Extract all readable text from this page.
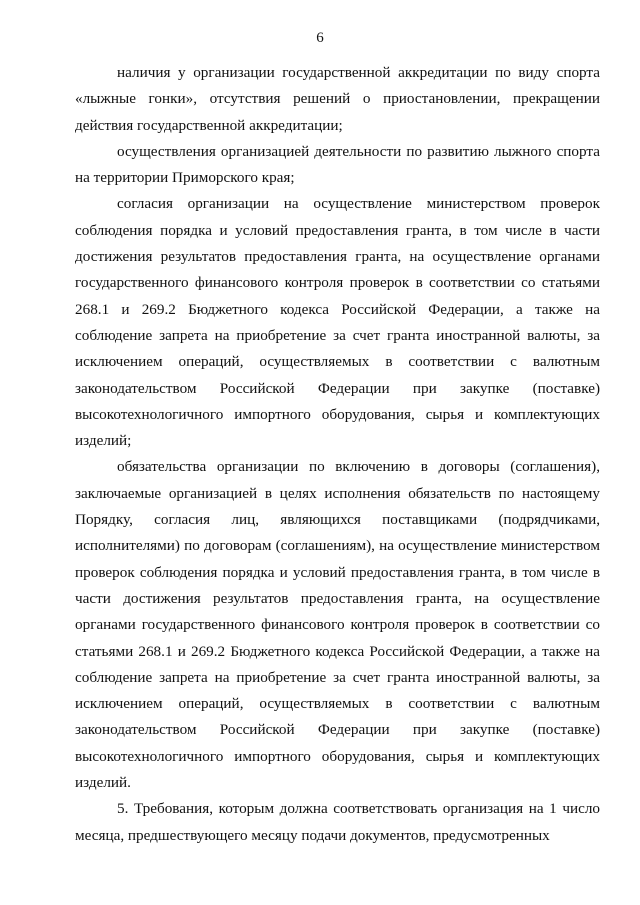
6

наличия у организации государственной аккредитации по виду спорта «лыжные гонки», отсутствия решений о приостановлении, прекращении действия государственной аккредитации;

осуществления организацией деятельности по развитию лыжного спорта на территории Приморского края;

согласия организации на осуществление министерством проверок соблюдения порядка и условий предоставления гранта, в том числе в части достижения результатов предоставления гранта, на осуществление органами государственного финансового контроля проверок в соответствии со статьями 268.1 и 269.2 Бюджетного кодекса Российской Федерации, а также на соблюдение запрета на приобретение за счет гранта иностранной валюты, за исключением операций, осуществляемых в соответствии с валютным законодательством Российской Федерации при закупке (поставке) высокотехнологичного импортного оборудования, сырья и комплектующих изделий;

обязательства организации по включению в договоры (соглашения), заключаемые организацией в целях исполнения обязательств по настоящему Порядку, согласия лиц, являющихся поставщиками (подрядчиками, исполнителями) по договорам (соглашениям), на осуществление министерством проверок соблюдения порядка и условий предоставления гранта, в том числе в части достижения результатов предоставления гранта, на осуществление органами государственного финансового контроля проверок в соответствии со статьями 268.1 и 269.2 Бюджетного кодекса Российской Федерации, а также на соблюдение запрета на приобретение за счет гранта иностранной валюты, за исключением операций, осуществляемых в соответствии с валютным законодательством Российской Федерации при закупке (поставке) высокотехнологичного импортного оборудования, сырья и комплектующих изделий.

5. Требования, которым должна соответствовать организация на 1 число месяца, предшествующего месяцу подачи документов, предусмотренных
